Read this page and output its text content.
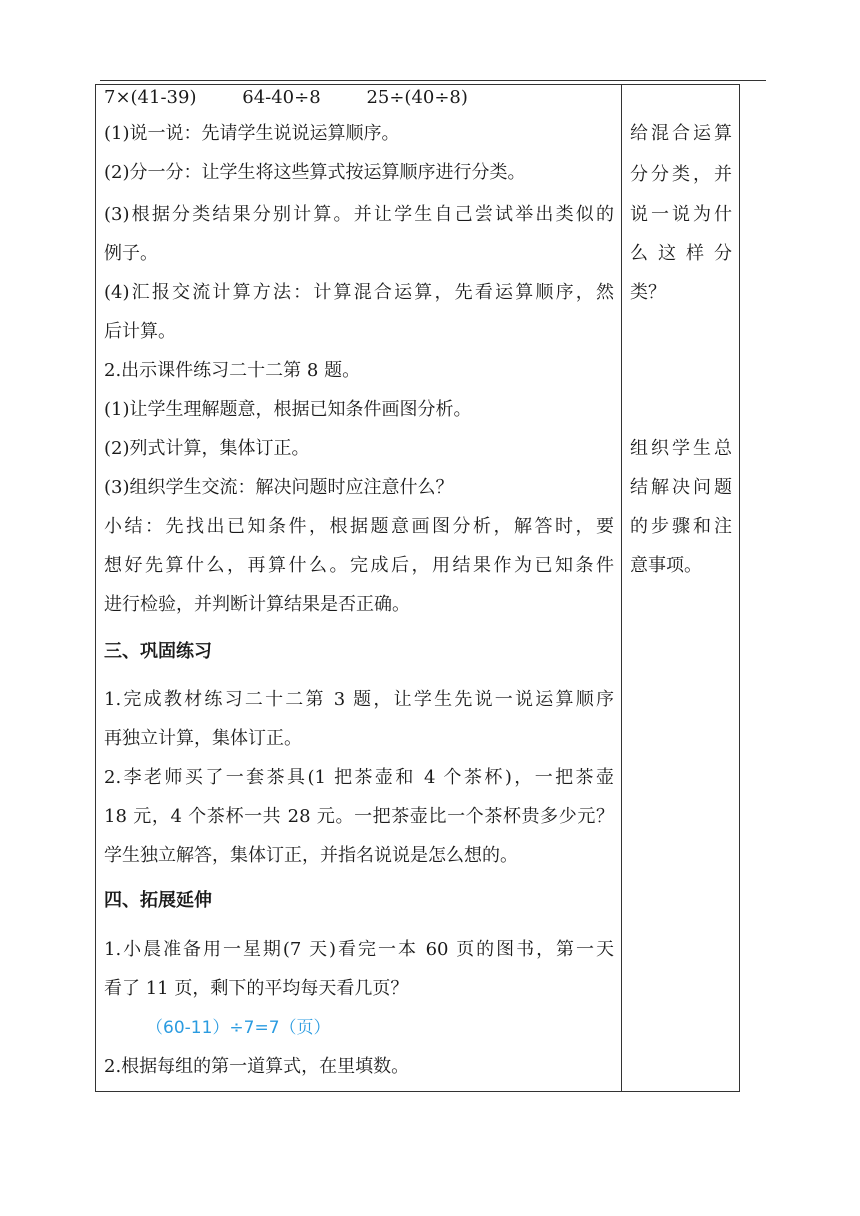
7×(41-39)        64-40÷8        25÷(40÷8)
(1)说一说：先请学生说说运算顺序。
(2)分一分：让学生将这些算式按运算顺序进行分类。
(3)根据分类结果分别计算。并让学生自己尝试举出类似的
例子。
(4)汇报交流计算方法：计算混合运算，先看运算顺序，然
后计算。
2.出示课件练习二十二第 8 题。
(1)让学生理解题意，根据已知条件画图分析。
(2)列式计算，集体订正。
(3)组织学生交流：解决问题时应注意什么？
小结：先找出已知条件，根据题意画图分析，解答时，要
想好先算什么，再算什么。完成后，用结果作为已知条件
进行检验，并判断计算结果是否正确。
三、巩固练习
1.完成教材练习二十二第 3 题，让学生先说一说运算顺序
再独立计算，集体订正。
2.李老师买了一套茶具(1 把茶壶和 4 个茶杯)，一把茶壶
18 元，4 个茶杯一共 28 元。一把茶壶比一个茶杯贵多少元？
学生独立解答，集体订正，并指名说说是怎么想的。
四、拓展延伸
1.小晨准备用一星期(7 天)看完一本 60 页的图书，第一天
看了 11 页，剩下的平均每天看几页？
（60-11）÷7=7（页）
2.根据每组的第一道算式，在里填数。
给混合运算
分分类，并
说一说为什
么 这 样 分
类？
组织学生总
结解决问题
的步骤和注
意事项。
